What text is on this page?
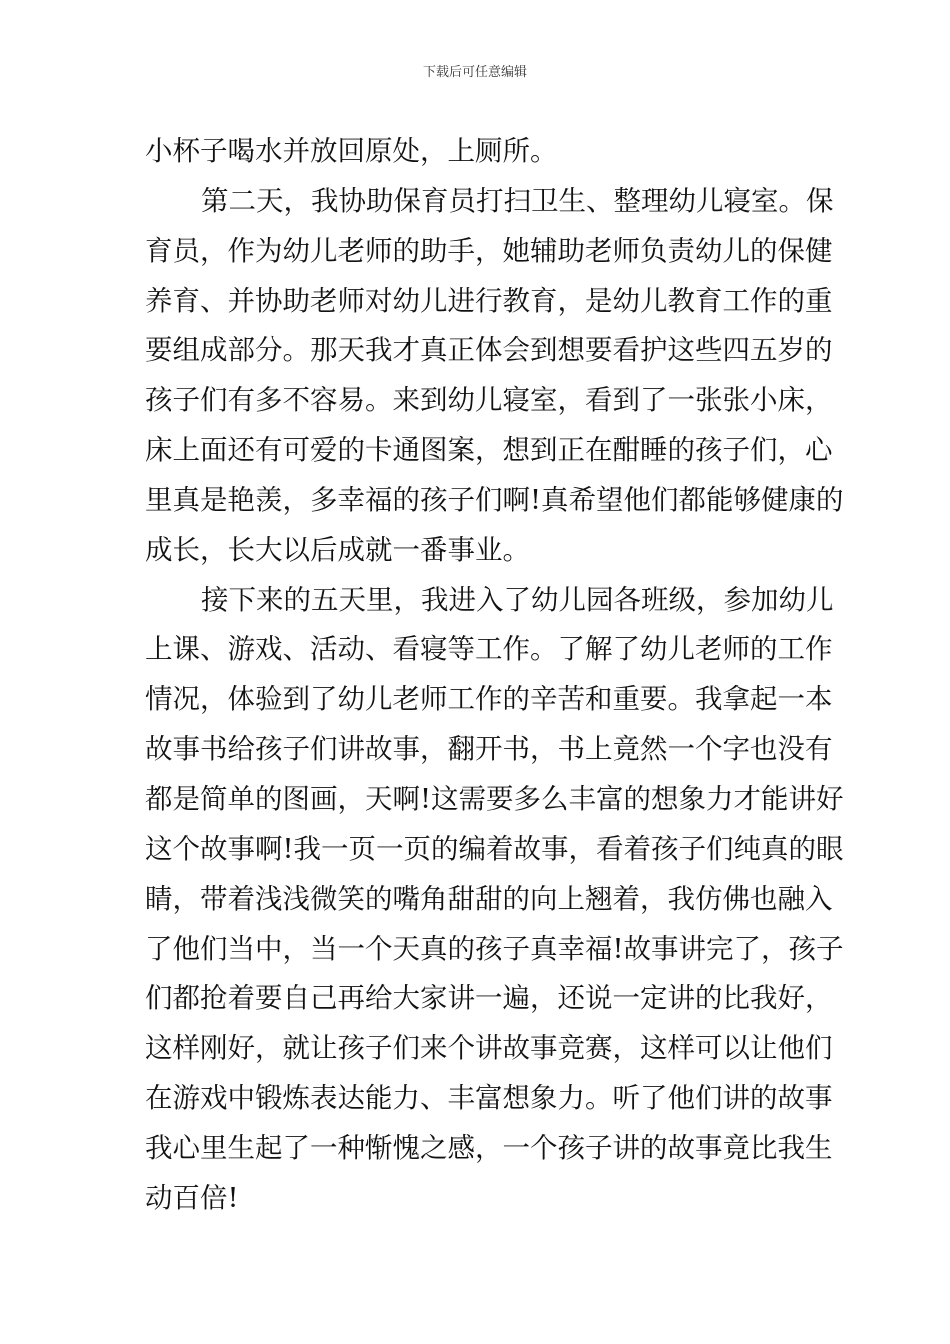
下载后可任意编辑
小杯子喝水并放回原处，上厕所。
第二天，我协助保育员打扫卫生、整理幼儿寝室。保
育员，作为幼儿老师的助手，她辅助老师负责幼儿的保健
养育、并协助老师对幼儿进行教育，是幼儿教育工作的重
要组成部分。那天我才真正体会到想要看护这些四五岁的
孩子们有多不容易。来到幼儿寝室，看到了一张张小床，
床上面还有可爱的卡通图案，想到正在酣睡的孩子们，心
里真是艳羡，多幸福的孩子们啊!真希望他们都能够健康的
成长，长大以后成就一番事业。
接下来的五天里，我进入了幼儿园各班级，参加幼儿
上课、游戏、活动、看寝等工作。了解了幼儿老师的工作
情况，体验到了幼儿老师工作的辛苦和重要。我拿起一本
故事书给孩子们讲故事，翻开书，书上竟然一个字也没有
都是简单的图画，天啊!这需要多么丰富的想象力才能讲好
这个故事啊!我一页一页的编着故事，看着孩子们纯真的眼
睛，带着浅浅微笑的嘴角甜甜的向上翘着，我仿佛也融入
了他们当中，当一个天真的孩子真幸福!故事讲完了，孩子
们都抢着要自己再给大家讲一遍，还说一定讲的比我好，
这样刚好，就让孩子们来个讲故事竞赛，这样可以让他们
在游戏中锻炼表达能力、丰富想象力。听了他们讲的故事
我心里生起了一种惭愧之感，一个孩子讲的故事竟比我生
动百倍!
